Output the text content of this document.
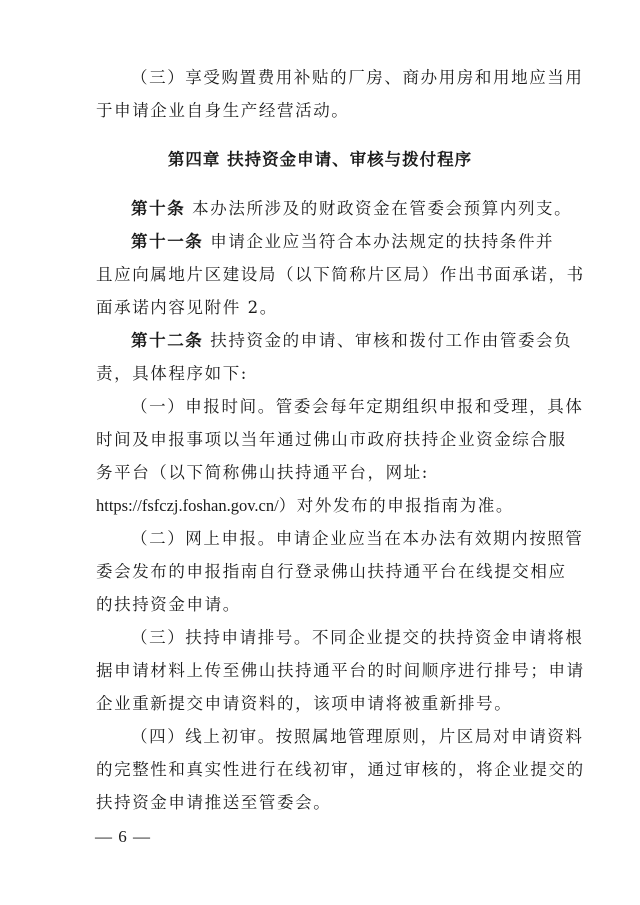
（三）享受购置费用补贴的厂房、商办用房和用地应当用
于申请企业自身生产经营活动。
第四章 扶持资金申请、审核与拨付程序
第十条 本办法所涉及的财政资金在管委会预算内列支。
第十一条 申请企业应当符合本办法规定的扶持条件并
且应向属地片区建设局（以下简称片区局）作出书面承诺，书
面承诺内容见附件 2。
第十二条 扶持资金的申请、审核和拨付工作由管委会负
责，具体程序如下:
（一）申报时间。管委会每年定期组织申报和受理，具体
时间及申报事项以当年通过佛山市政府扶持企业资金综合服
务平台（以下简称佛山扶持通平台，网址:
https://fsfczj.foshan.gov.cn/）对外发布的申报指南为准。
（二）网上申报。申请企业应当在本办法有效期内按照管
委会发布的申报指南自行登录佛山扶持通平台在线提交相应
的扶持资金申请。
（三）扶持申请排号。不同企业提交的扶持资金申请将根
据申请材料上传至佛山扶持通平台的时间顺序进行排号；申请
企业重新提交申请资料的，该项申请将被重新排号。
（四）线上初审。按照属地管理原则，片区局对申请资料
的完整性和真实性进行在线初审，通过审核的，将企业提交的
扶持资金申请推送至管委会。
— 6 —
